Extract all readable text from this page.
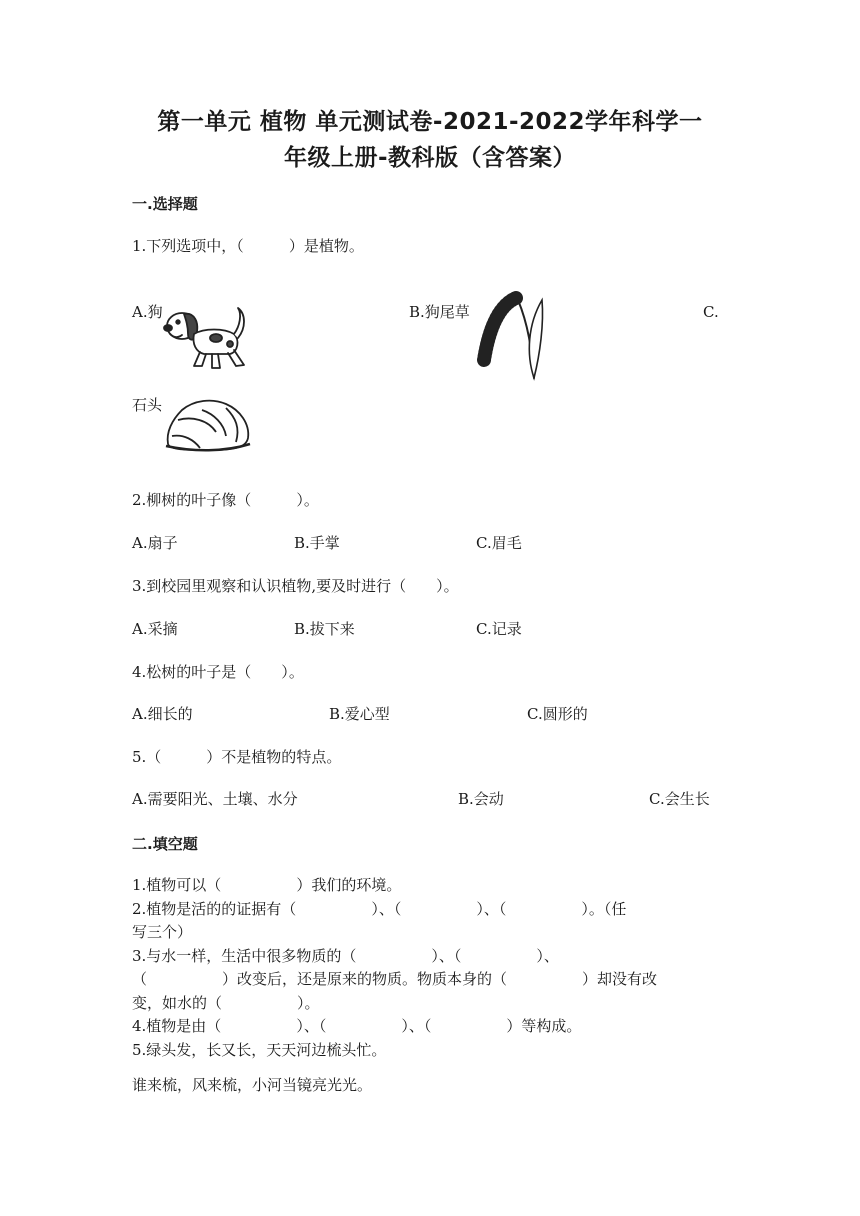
第一单元 植物 单元测试卷-2021-2022学年科学一
年级上册-教科版（含答案）
一.选择题
1.下列选项中，（　　　）是植物。
A.狗	B.狗尾草	C.
石头
2.柳树的叶子像（　　　）。
A.扇子	B.手掌	C.眉毛
3.到校园里观察和认识植物,要及时进行（　　）。
A.采摘	B.拔下来	C.记录
4.松树的叶子是（　　）。
A.细长的	B.爱心型	C.圆形的
5.（　　　）不是植物的特点。
A.需要阳光、土壤、水分	B.会动	C.会生长
二.填空题
1.植物可以（　　　　　）我们的环境。
2.植物是活的的证据有（　　　　　）、（　　　　　）、（　　　　　）。（任
写三个）
3.与水一样，生活中很多物质的（　　　　　）、（　　　　　）、
（　　　　　）改变后，还是原来的物质。物质本身的（　　　　　）却没有改
变，如水的（　　　　　）。
4.植物是由（　　　　　）、（　　　　　）、（　　　　　）等构成。
5.绿头发，长又长，天天河边梳头忙。
谁来梳，风来梳，小河当镜亮光光。
